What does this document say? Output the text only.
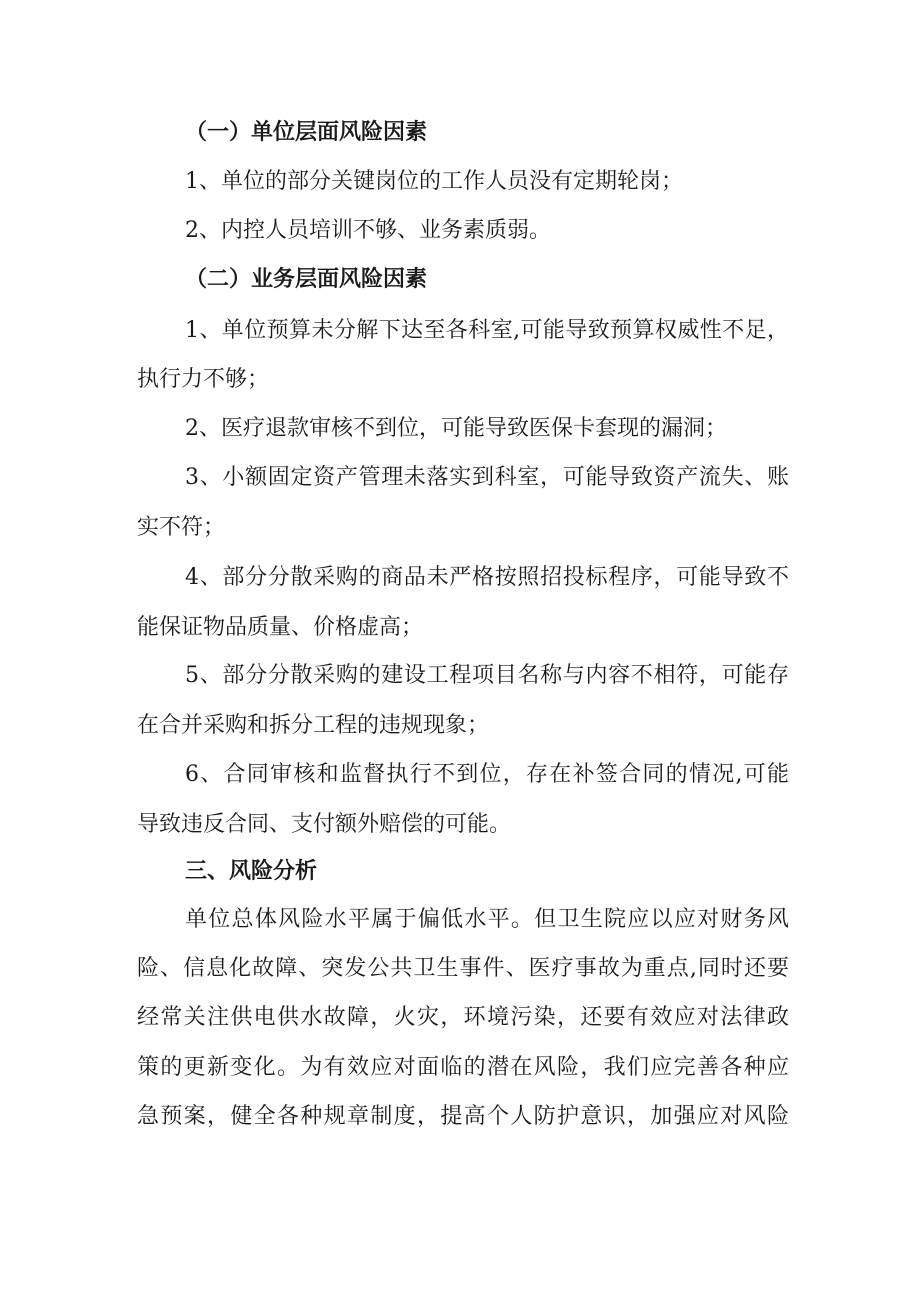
（一）单位层面风险因素
1、单位的部分关键岗位的工作人员没有定期轮岗；
2、内控人员培训不够、业务素质弱。
（二）业务层面风险因素
1、单位预算未分解下达至各科室,可能导致预算权威性不足，
执行力不够；
2、医疗退款审核不到位，可能导致医保卡套现的漏洞；
3、小额固定资产管理未落实到科室，可能导致资产流失、账
实不符；
4、部分分散采购的商品未严格按照招投标程序，可能导致不
能保证物品质量、价格虚高；
5、部分分散采购的建设工程项目名称与内容不相符，可能存
在合并采购和拆分工程的违规现象；
6、合同审核和监督执行不到位，存在补签合同的情况,可能
导致违反合同、支付额外赔偿的可能。
三、风险分析
单位总体风险水平属于偏低水平。但卫生院应以应对财务风
险、信息化故障、突发公共卫生事件、医疗事故为重点,同时还要
经常关注供电供水故障，火灾，环境污染，还要有效应对法律政
策的更新变化。为有效应对面临的潜在风险，我们应完善各种应
急预案，健全各种规章制度，提高个人防护意识，加强应对风险
